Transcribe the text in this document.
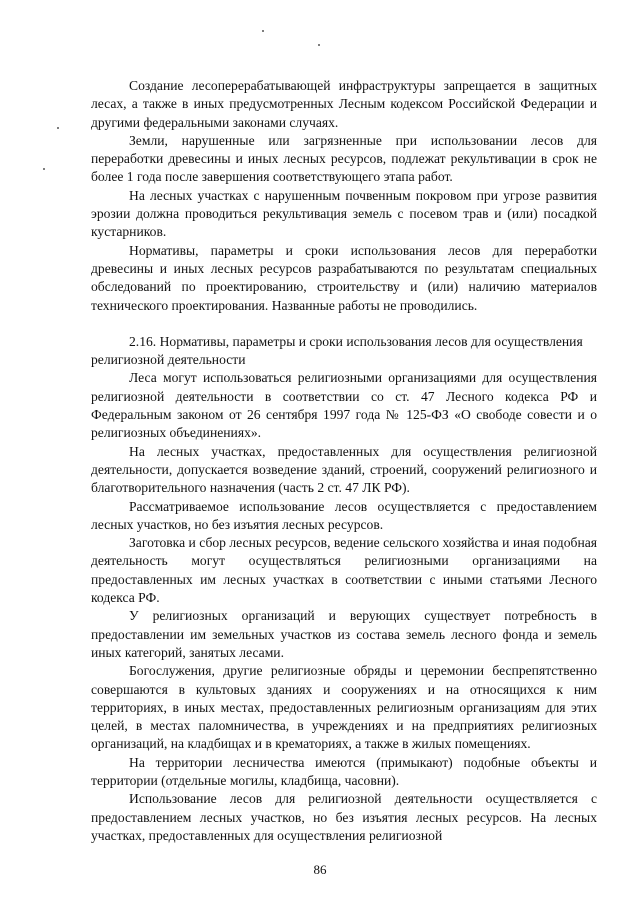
Создание лесоперерабатывающей инфраструктуры запрещается в защитных лесах, а также в иных предусмотренных Лесным кодексом Российской Федерации и другими федеральными законами случаях.

Земли, нарушенные или загрязненные при использовании лесов для переработки древесины и иных лесных ресурсов, подлежат рекультивации в срок не более 1 года после завершения соответствующего этапа работ.

На лесных участках с нарушенным почвенным покровом при угрозе развития эрозии должна проводиться рекультивация земель с посевом трав и (или) посадкой кустарников.

Нормативы, параметры и сроки использования лесов для переработки древесины и иных лесных ресурсов разрабатываются по результатам специальных обследований по проектированию, строительству и (или) наличию материалов технического проектирования. Названные работы не проводились.

2.16. Нормативы, параметры и сроки использования лесов для осуществления религиозной деятельности

Леса могут использоваться религиозными организациями для осуществления религиозной деятельности в соответствии со ст. 47 Лесного кодекса РФ и Федеральным законом от 26 сентября 1997 года № 125-ФЗ «О свободе совести и о религиозных объединениях».

На лесных участках, предоставленных для осуществления религиозной деятельности, допускается возведение зданий, строений, сооружений религиозного и благотворительного назначения (часть 2 ст. 47 ЛК РФ).

Рассматриваемое использование лесов осуществляется с предоставлением лесных участков, но без изъятия лесных ресурсов.

Заготовка и сбор лесных ресурсов, ведение сельского хозяйства и иная подобная деятельность могут осуществляться религиозными организациями на предоставленных им лесных участках в соответствии с иными статьями Лесного кодекса РФ.

У религиозных организаций и верующих существует потребность в предоставлении им земельных участков из состава земель лесного фонда и земель иных категорий, занятых лесами.

Богослужения, другие религиозные обряды и церемонии беспрепятственно совершаются в культовых зданиях и сооружениях и на относящихся к ним территориях, в иных местах, предоставленных религиозным организациям для этих целей, в местах паломничества, в учреждениях и на предприятиях религиозных организаций, на кладбищах и в крематориях, а также в жилых помещениях.

На территории лесничества имеются (примыкают) подобные объекты и территории (отдельные могилы, кладбища, часовни).

Использование лесов для религиозной деятельности осуществляется с предоставлением лесных участков, но без изъятия лесных ресурсов. На лесных участках, предоставленных для осуществления религиозной

86
